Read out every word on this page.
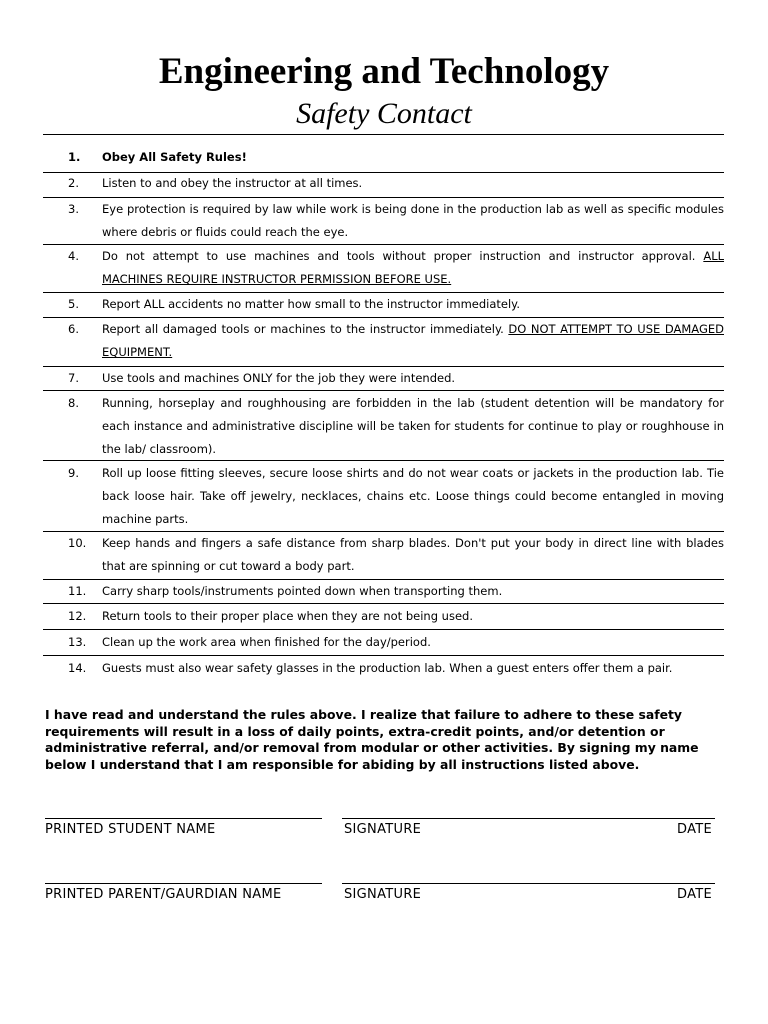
Engineering and Technology
Safety Contact
1.	Obey All Safety Rules!
2.	Listen to and obey the instructor at all times.
3.	Eye protection is required by law while work is being done in the production lab as well as specific modules where debris or fluids could reach the eye.
4.	Do not attempt to use machines and tools without proper instruction and instructor approval. ALL MACHINES REQUIRE INSTRUCTOR PERMISSION BEFORE USE.
5.	Report ALL accidents no matter how small to the instructor immediately.
6.	Report all damaged tools or machines to the instructor immediately. DO NOT ATTEMPT TO USE DAMAGED EQUIPMENT.
7.	Use tools and machines ONLY for the job they were intended.
8.	Running, horseplay and roughhousing are forbidden in the lab (student detention will be mandatory for each instance and administrative discipline will be taken for students for continue to play or roughhouse in the lab/ classroom).
9.	Roll up loose fitting sleeves, secure loose shirts and do not wear coats or jackets in the production lab. Tie back loose hair. Take off jewelry, necklaces, chains etc. Loose things could become entangled in moving machine parts.
10.	Keep hands and fingers a safe distance from sharp blades. Don't put your body in direct line with blades that are spinning or cut toward a body part.
11.	Carry sharp tools/instruments pointed down when transporting them.
12.	Return tools to their proper place when they are not being used.
13.	Clean up the work area when finished for the day/period.
14.	Guests must also wear safety glasses in the production lab. When a guest enters offer them a pair.
I have read and understand the rules above. I realize that failure to adhere to these safety requirements will result in a loss of daily points, extra-credit points, and/or detention or administrative referral, and/or removal from modular or other activities. By signing my name below I understand that I am responsible for abiding by all instructions listed above.
PRINTED STUDENT NAME	SIGNATURE	DATE
PRINTED PARENT/GAURDIAN NAME	SIGNATURE	DATE
